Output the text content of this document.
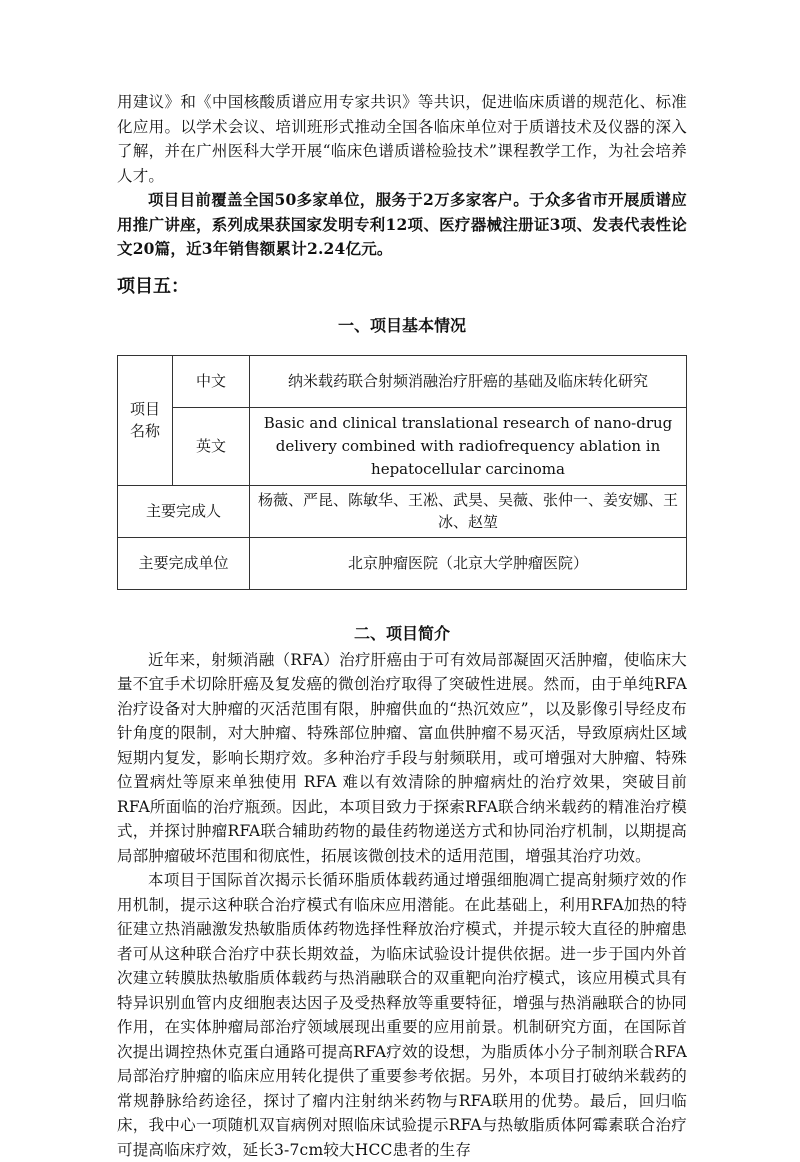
用建议》和《中国核酸质谱应用专家共识》等共识，促进临床质谱的规范化、标准化应用。以学术会议、培训班形式推动全国各临床单位对于质谱技术及仪器的深入了解，并在广州医科大学开展“临床色谱质谱检验技术”课程教学工作，为社会培养人才。

项目目前覆盖全国50多家单位，服务于2万多家客户。于众多省市开展质谱应用推广讲座，系列成果获国家发明专利12项、医疗器械注册证3项、发表代表性论文20篇，近3年销售额累计2.24亿元。

项目五：

一、项目基本情况

项目名称	中文	纳米载药联合射频消融治疗肝癌的基础及临床转化研究
	英文	Basic and clinical translational research of nano-drug delivery combined with radiofrequency ablation in hepatocellular carcinoma
主要完成人		杨薇、严昆、陈敏华、王凇、武昊、吴薇、张仲一、姜安娜、王冰、赵堃
主要完成单位		北京肿瘤医院（北京大学肿瘤医院）

二、项目简介

近年来，射频消融（RFA）治疗肝癌由于可有效局部凝固灭活肿瘤，使临床大量不宜手术切除肝癌及复发癌的微创治疗取得了突破性进展。然而，由于单纯RFA治疗设备对大肿瘤的灭活范围有限，肿瘤供血的“热沉效应”，以及影像引导经皮布针角度的限制，对大肿瘤、特殊部位肿瘤、富血供肿瘤不易灭活，导致原病灶区域短期内复发，影响长期疗效。多种治疗手段与射频联用，或可增强对大肿瘤、特殊位置病灶等原来单独使用 RFA 难以有效清除的肿瘤病灶的治疗效果，突破目前RFA所面临的治疗瓶颈。因此，本项目致力于探索RFA联合纳米载药的精准治疗模式，并探讨肿瘤RFA联合辅助药物的最佳药物递送方式和协同治疗机制，以期提高局部肿瘤破坏范围和彻底性，拓展该微创技术的适用范围，增强其治疗功效。

本项目于国际首次揭示长循环脂质体载药通过增强细胞凋亡提高射频疗效的作用机制，提示这种联合治疗模式有临床应用潜能。在此基础上，利用RFA加热的特征建立热消融激发热敏脂质体药物选择性释放治疗模式，并提示较大直径的肿瘤患者可从这种联合治疗中获长期效益，为临床试验设计提供依据。进一步于国内外首次建立转膜肽热敏脂质体载药与热消融联合的双重靶向治疗模式，该应用模式具有特异识别血管内皮细胞表达因子及受热释放等重要特征，增强与热消融联合的协同作用，在实体肿瘤局部治疗领域展现出重要的应用前景。机制研究方面，在国际首次提出调控热休克蛋白通路可提高RFA疗效的设想，为脂质体小分子制剂联合RFA局部治疗肿瘤的临床应用转化提供了重要参考依据。另外，本项目打破纳米载药的常规静脉给药途径，探讨了瘤内注射纳米药物与RFA联用的优势。最后，回归临床，我中心一项随机双盲病例对照临床试验提示RFA与热敏脂质体阿霉素联合治疗可提高临床疗效，延长3-7cm较大HCC患者的生存
